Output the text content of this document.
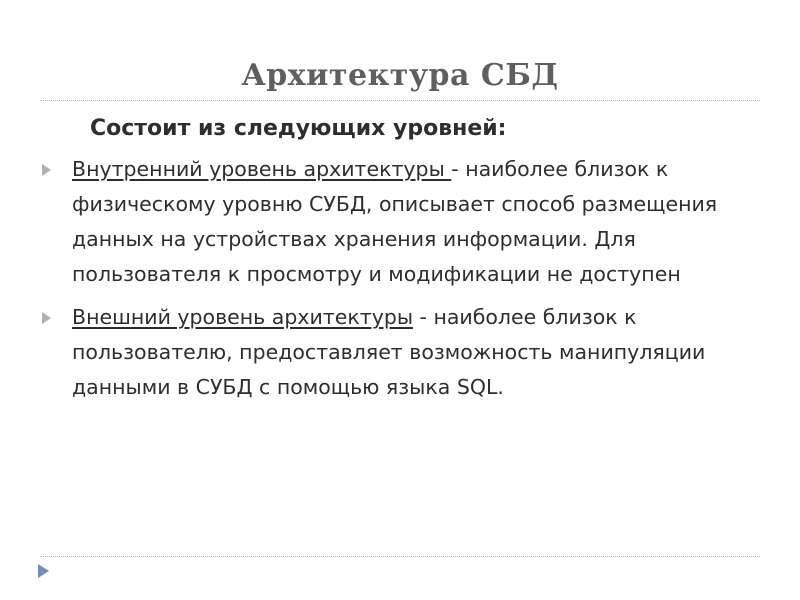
Архитектура СБД
Состоит из следующих уровней:
Внутренний уровень архитектуры - наиболее близок к физическому уровню СУБД, описывает способ размещения данных на устройствах хранения информации. Для пользователя к просмотру и модификации не доступен
Внешний уровень архитектуры - наиболее близок к пользователю, предоставляет возможность манипуляции данными в СУБД с помощью языка SQL.
